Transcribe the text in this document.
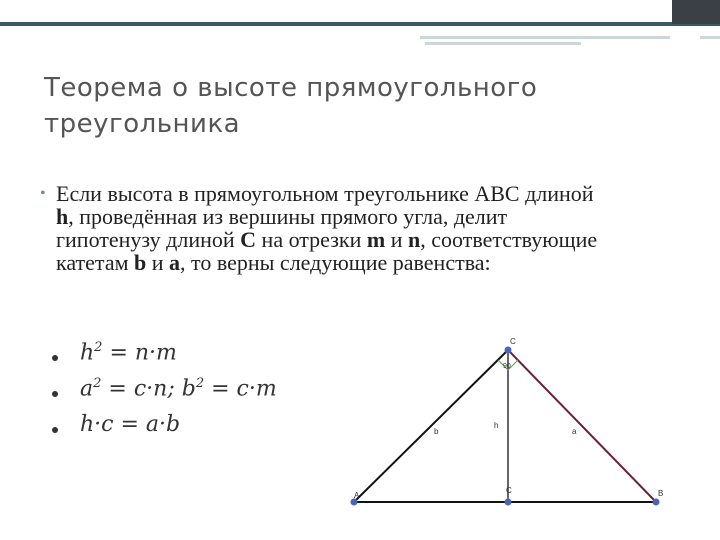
Теорема о высоте прямоугольного треугольника
• Если высота в прямоугольном треугольнике ABC длиной h, проведённая из вершины прямого угла, делит гипотенузу длиной C на отрезки m и n, соответствующие катетам b и a, то верны следующие равенства:
$h^2 = n\cdot m$
$a^2 = c\cdot n$; $b^2 = c\cdot m$
h·c = a·b
C
90
b
h
a
A
C	B
